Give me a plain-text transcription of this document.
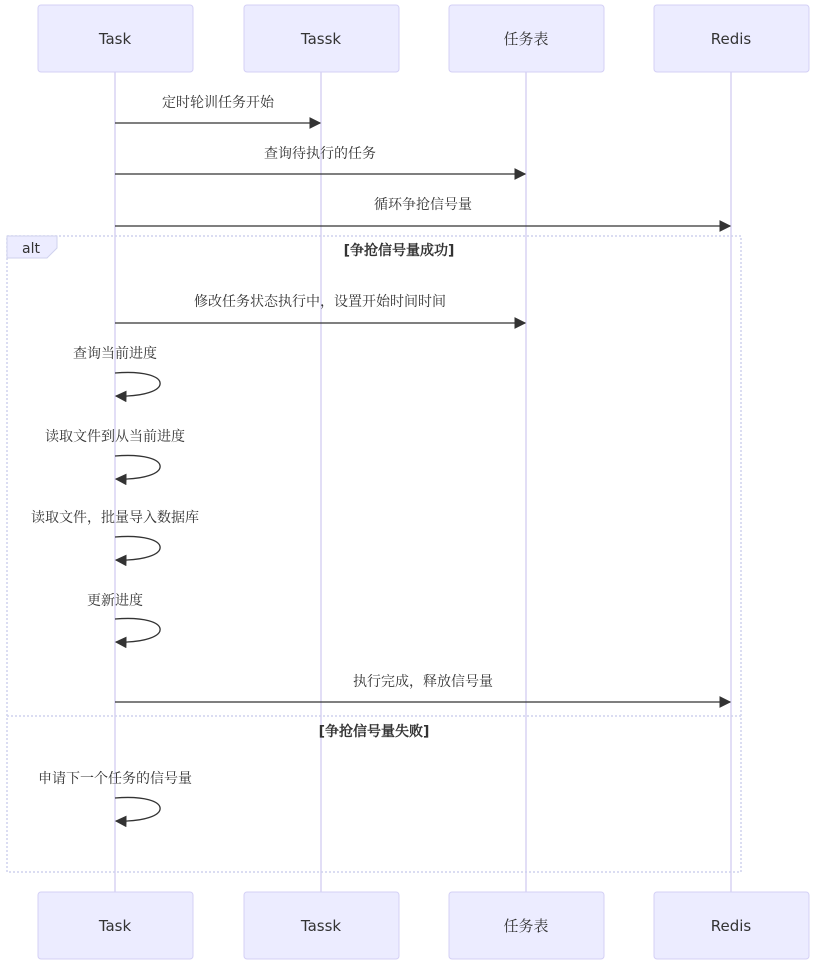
Task	Tassk	任务表	Redis
alt	[争抢信号量成功]
[争抢信号量失败]
定时轮训任务开始
查询待执行的任务
循环争抢信号量
修改任务状态执行中，设置开始时间时间
查询当前进度
读取文件到从当前进度
读取文件，批量导入数据库
更新进度
执行完成，释放信号量
申请下一个任务的信号量
Task	Tassk	任务表	Redis
